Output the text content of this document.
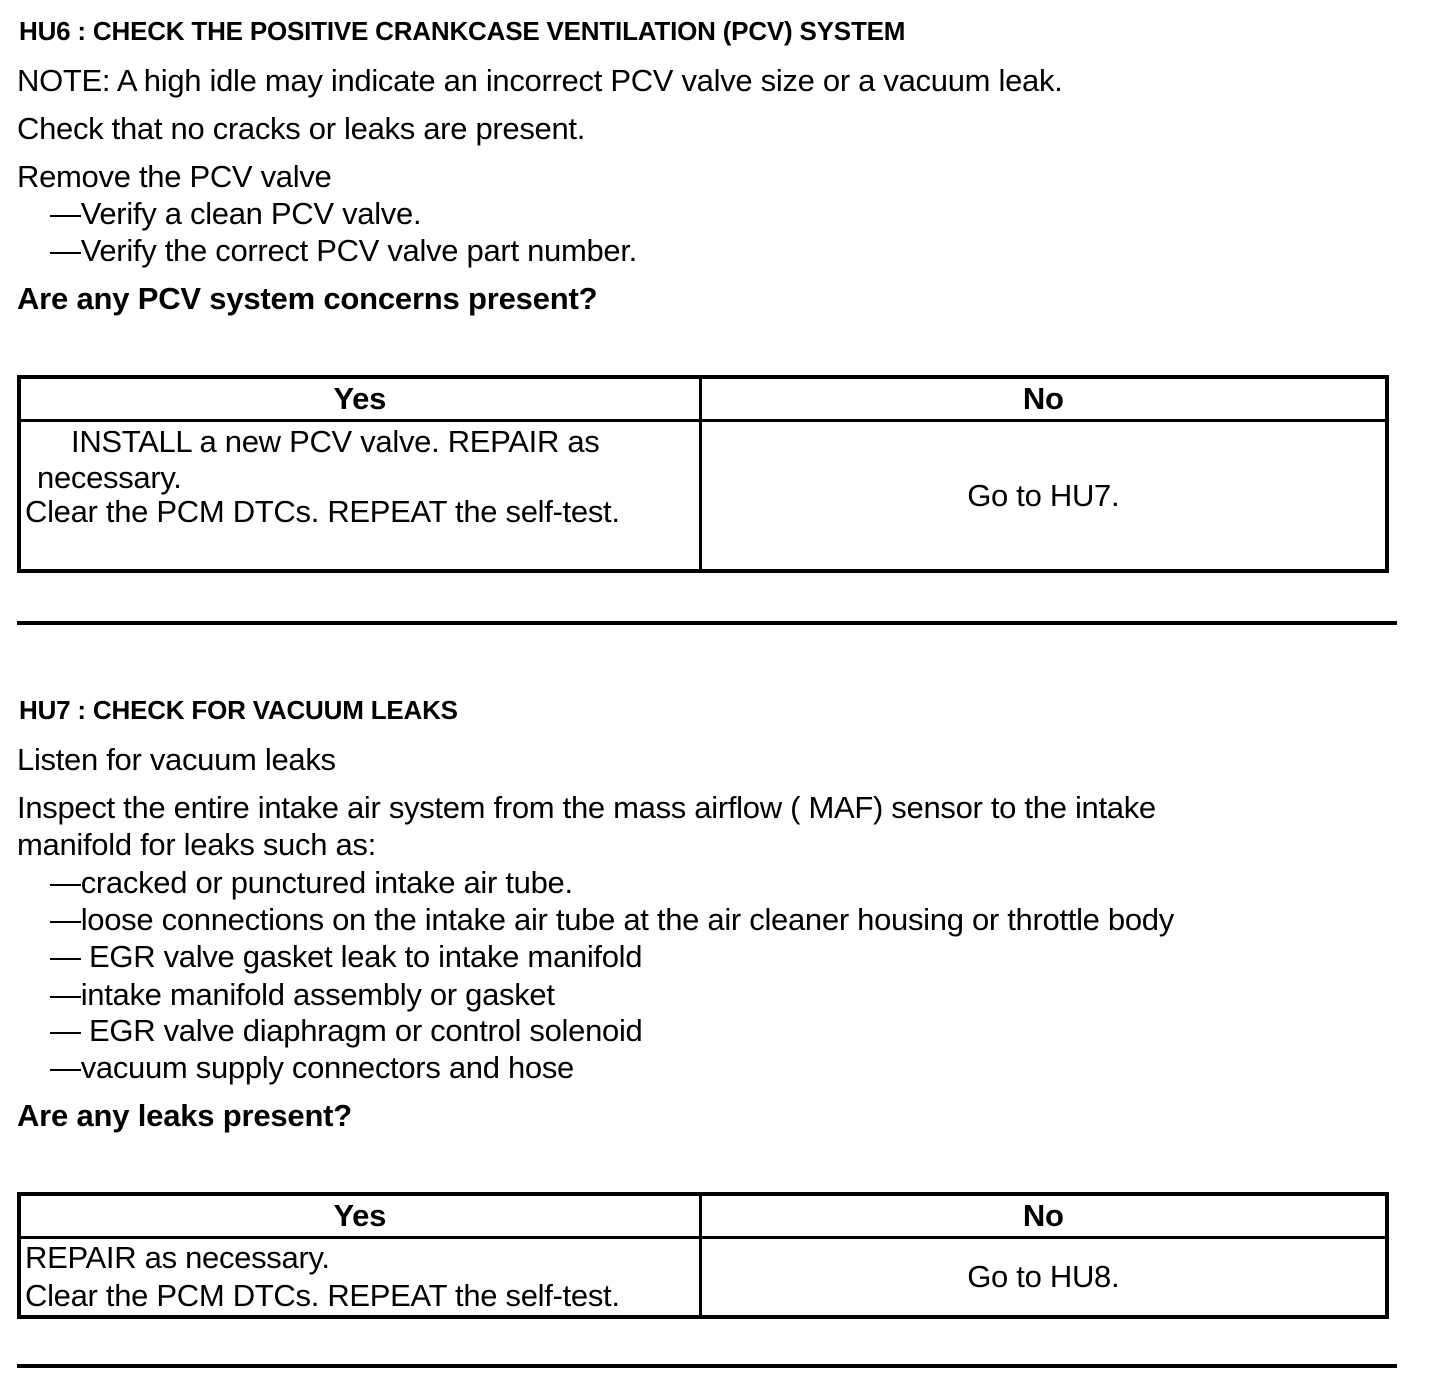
HU6 : CHECK THE POSITIVE CRANKCASE VENTILATION (PCV) SYSTEM
NOTE: A high idle may indicate an incorrect PCV valve size or a vacuum leak.
Check that no cracks or leaks are present.
Remove the PCV valve
—Verify a clean PCV valve.
—Verify the correct PCV valve part number.
Are any PCV system concerns present?
Yes	No

INSTALL a new PCV valve. REPAIR as
necessary.
Clear the PCM DTCs. REPEAT the self-test.	Go to HU7.
HU7 : CHECK FOR VACUUM LEAKS
Listen for vacuum leaks
Inspect the entire intake air system from the mass airflow ( MAF) sensor to the intake
manifold for leaks such as:
—cracked or punctured intake air tube.
—loose connections on the intake air tube at the air cleaner housing or throttle body
— EGR valve gasket leak to intake manifold
—intake manifold assembly or gasket
— EGR valve diaphragm or control solenoid
—vacuum supply connectors and hose
Are any leaks present?
Yes	No

REPAIR as necessary.
Clear the PCM DTCs. REPEAT the self-test.	Go to HU8.
